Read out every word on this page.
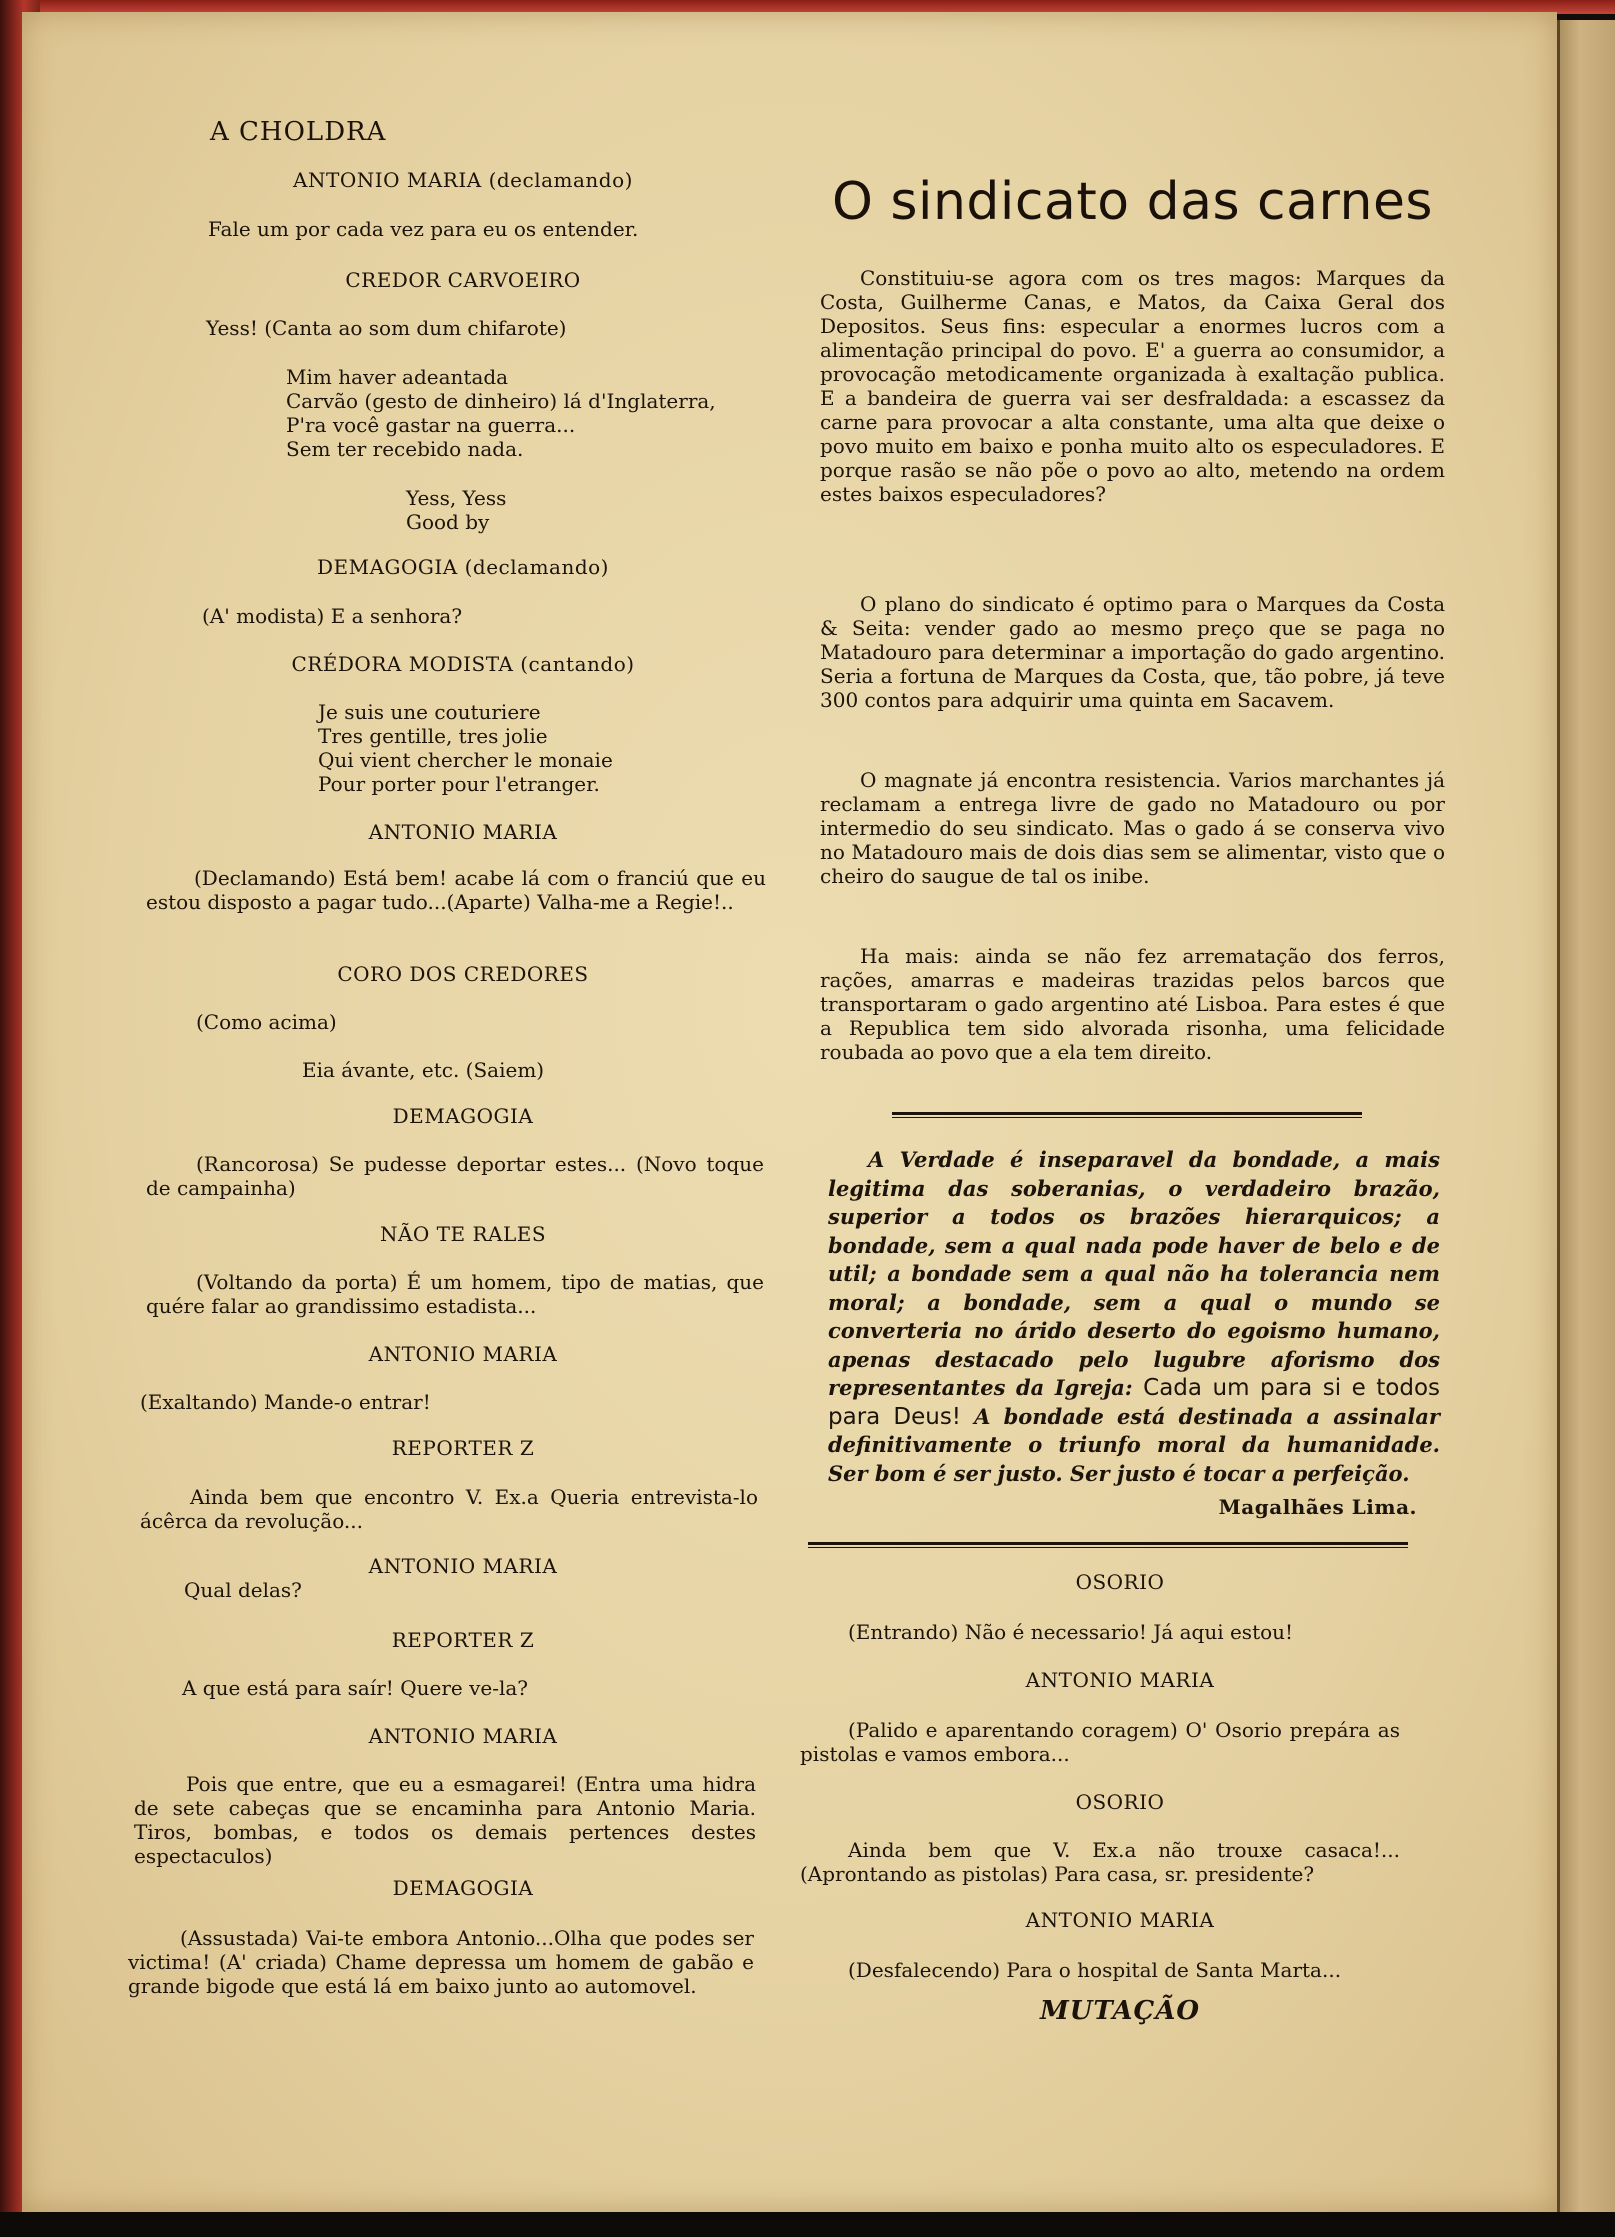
A CHOLDRA
ANTONIO MARIA (declamando)
Fale um por cada vez para eu os entender.
CREDOR CARVOEIRO
Yess! (Canta ao som dum chifarote)
Mim haver adeantada
Carvão (gesto de dinheiro) lá d'Inglaterra,
P'ra você gastar na guerra...
Sem ter recebido nada.
Yess, Yess
Good by
DEMAGOGIA (declamando)
(A' modista) E a senhora?
CRÉDORA MODISTA (cantando)
Je suis une couturiere
Tres gentille, tres jolie
Qui vient chercher le monaie
Pour porter pour l'etranger.
ANTONIO MARIA
(Declamando) Está bem! acabe lá com o franciú que eu estou disposto a pagar tudo...(Aparte) Valha-me a Regie!..
CORO DOS CREDORES
(Como acima)
Eia ávante, etc. (Saiem)
DEMAGOGIA
(Rancorosa) Se pudesse deportar estes... (Novo toque de campainha)
NÃO TE RALES
(Voltando da porta) É um homem, tipo de matias, que quére falar ao grandissimo estadista...
ANTONIO MARIA
(Exaltando) Mande-o entrar!
REPORTER Z
Ainda bem que encontro V. Ex.a Queria entrevista-lo ácêrca da revolução...
ANTONIO MARIA
Qual delas?
REPORTER Z
A que está para saír! Quere ve-la?
ANTONIO MARIA
Pois que entre, que eu a esmagarei! (Entra uma hidra de sete cabeças que se encaminha para Antonio Maria. Tiros, bombas, e todos os demais pertences destes espectaculos)
DEMAGOGIA
(Assustada) Vai-te embora Antonio...Olha que podes ser victima! (A' criada) Chame depressa um homem de gabão e grande bigode que está lá em baixo junto ao automovel.
O sindicato das carnes
Constituiu-se agora com os tres magos: Marques da Costa, Guilherme Canas, e Matos, da Caixa Geral dos Depositos. Seus fins: especular a enormes lucros com a alimentação principal do povo. E' a guerra ao consumidor, a provocação metodicamente organizada à exaltação publica. E a bandeira de guerra vai ser desfraldada: a escassez da carne para provocar a alta constante, uma alta que deixe o povo muito em baixo e ponha muito alto os especuladores. E porque rasão se não põe o povo ao alto, metendo na ordem estes baixos especuladores?
O plano do sindicato é optimo para o Marques da Costa & Seita: vender gado ao mesmo preço que se paga no Matadouro para determinar a importação do gado argentino. Seria a fortuna de Marques da Costa, que, tão pobre, já teve 300 contos para adquirir uma quinta em Sacavem.
O magnate já encontra resistencia. Varios marchantes já reclamam a entrega livre de gado no Matadouro ou por intermedio do seu sindicato. Mas o gado á se conserva vivo no Matadouro mais de dois dias sem se alimentar, visto que o cheiro do saugue de tal os inibe.
Ha mais: ainda se não fez arrematação dos ferros, rações, amarras e madeiras trazidas pelos barcos que transportaram o gado argentino até Lisboa. Para estes é que a Republica tem sido alvorada risonha, uma felicidade roubada ao povo que a ela tem direito.
A Verdade é inseparavel da bondade, a mais legitima das soberanias, o verdadeiro brazão, superior a todos os brazões hierarquicos; a bondade, sem a qual nada pode haver de belo e de util; a bondade sem a qual não ha tolerancia nem moral; a bondade, sem a qual o mundo se converteria no árido deserto do egoismo humano, apenas destacado pelo lugubre aforismo dos representantes da Igreja: Cada um para si e todos para Deus! A bondade está destinada a assinalar definitivamente o triunfo moral da humanidade. Ser bom é ser justo. Ser justo é tocar a perfeição.
Magalhães Lima.
OSORIO
(Entrando) Não é necessario! Já aqui estou!
ANTONIO MARIA
(Palido e aparentando coragem) O' Osorio prepára as pistolas e vamos embora...
OSORIO
Ainda bem que V. Ex.a não trouxe casaca!...(Aprontando as pistolas) Para casa, sr. presidente?
ANTONIO MARIA
(Desfalecendo) Para o hospital de Santa Marta...
MUTAÇÃO
